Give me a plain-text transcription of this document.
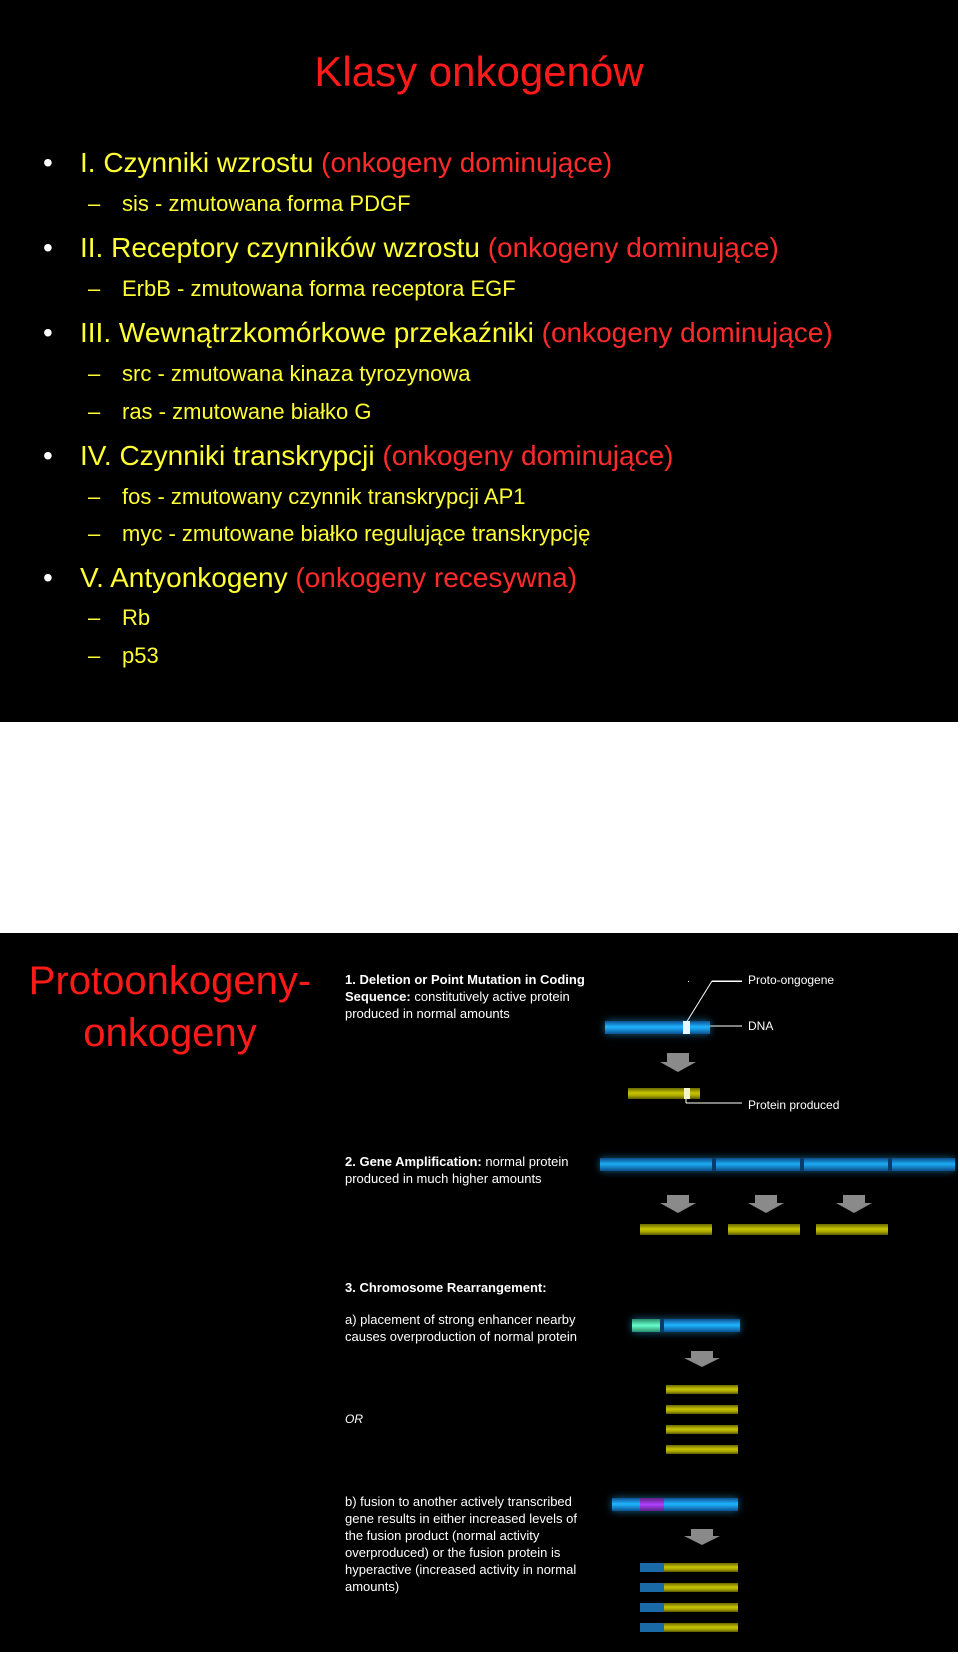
Klasy onkogenów
• I. Czynniki wzrostu (onkogeny dominujące)
– sis - zmutowana forma PDGF
• II. Receptory czynników wzrostu (onkogeny dominujące)
– ErbB - zmutowana forma receptora EGF
• III. Wewnątrzkomórkowe przekaźniki (onkogeny dominujące)
– src - zmutowana kinaza tyrozynowa
– ras - zmutowane białko G
• IV. Czynniki transkrypcji (onkogeny dominujące)
– fos - zmutowany czynnik transkrypcji AP1
– myc - zmutowane białko regulujące transkrypcję
• V. Antyonkogeny (onkogeny recesywna)
– Rb
– p53
Protoonkogeny-
onkogeny
1. Deletion or Point Mutation in Coding Sequence: constitutively active protein produced in normal amounts
Proto-ongogene
DNA
Protein produced
2. Gene Amplification: normal protein produced in much higher amounts
3. Chromosome Rearrangement:
a) placement of strong enhancer nearby causes overproduction of normal protein
OR
b) fusion to another actively transcribed gene results in either increased levels of the fusion product (normal activity overproduced) or the fusion protein is hyperactive (increased activity in normal amounts)
